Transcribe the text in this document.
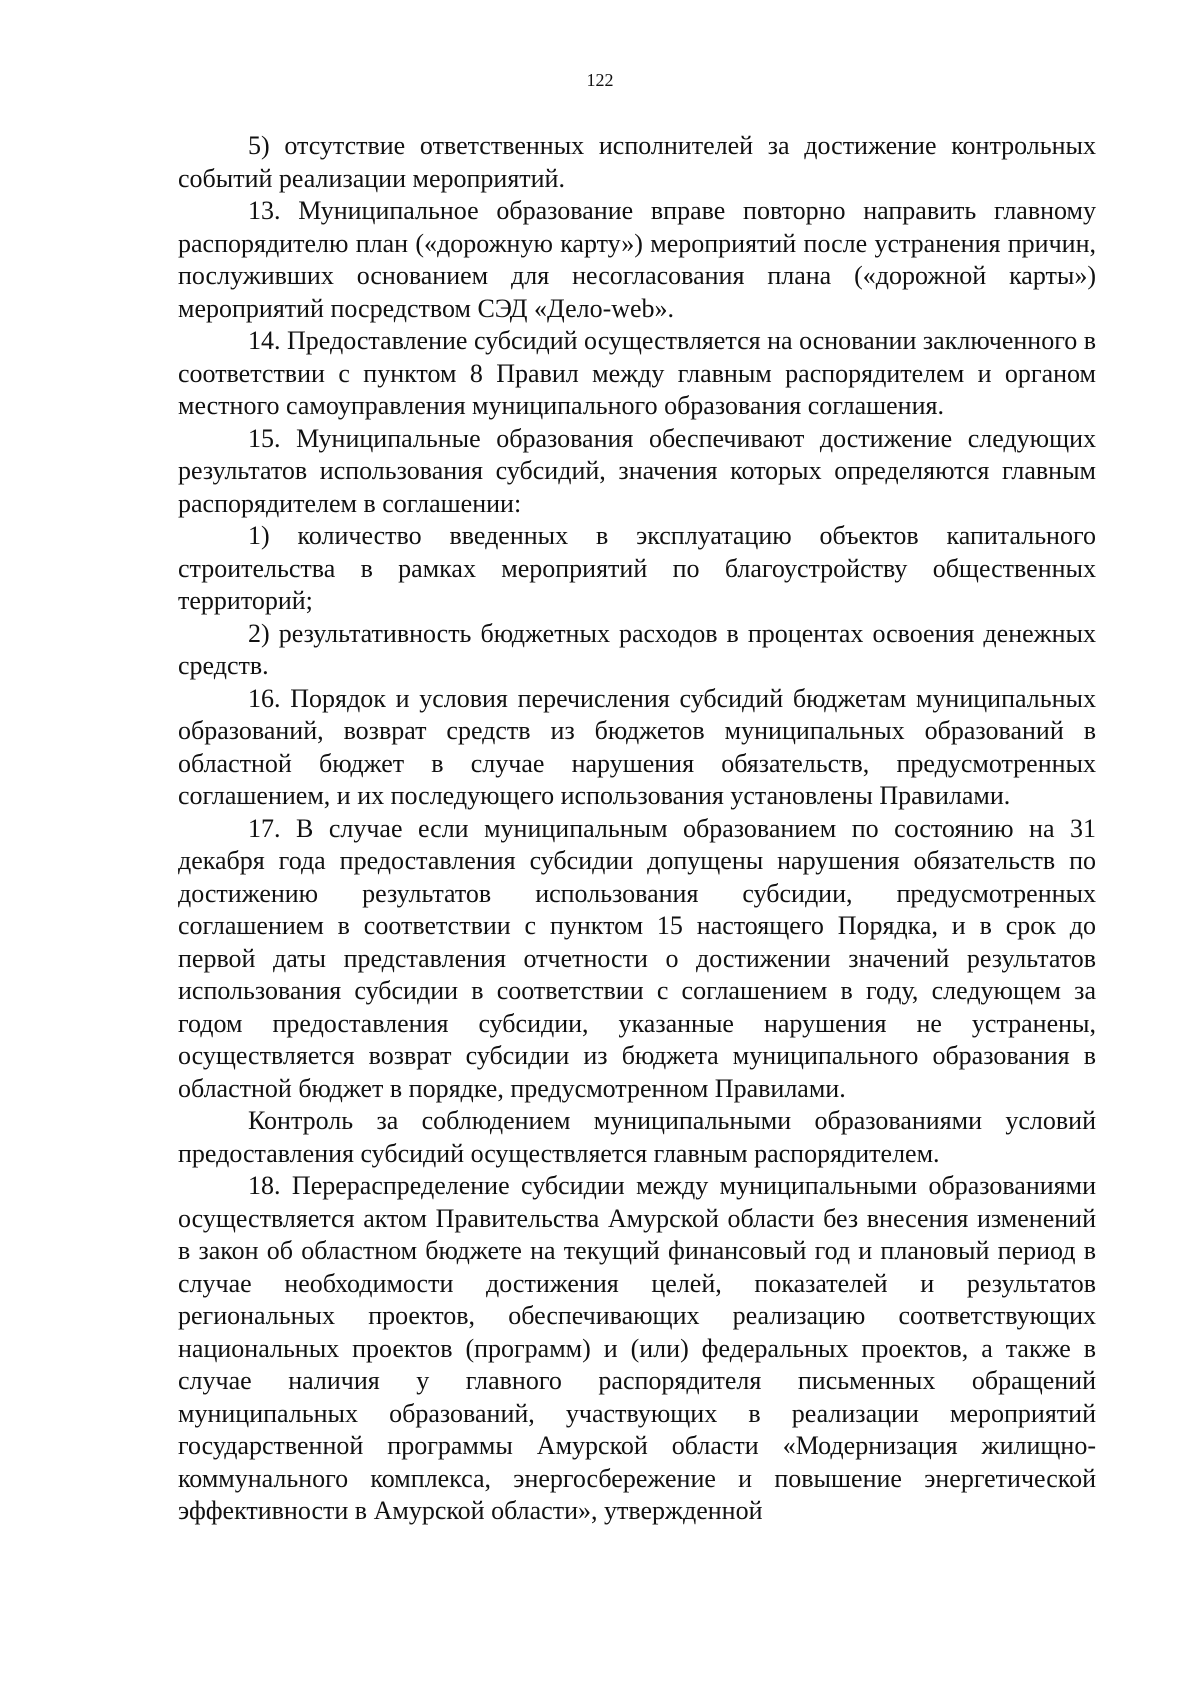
122

5) отсутствие ответственных исполнителей за достижение контрольных событий реализации мероприятий.

13. Муниципальное образование вправе повторно направить главному распорядителю план («дорожную карту») мероприятий после устранения причин, послуживших основанием для несогласования плана («дорожной карты») мероприятий посредством СЭД «Дело-web».

14. Предоставление субсидий осуществляется на основании заключенного в соответствии с пунктом 8 Правил между главным распорядителем и органом местного самоуправления муниципального образования соглашения.

15. Муниципальные образования обеспечивают достижение следующих результатов использования субсидий, значения которых определяются главным распорядителем в соглашении:

1) количество введенных в эксплуатацию объектов капитального строительства в рамках мероприятий по благоустройству общественных территорий;

2) результативность бюджетных расходов в процентах освоения денежных средств.

16. Порядок и условия перечисления субсидий бюджетам муниципальных образований, возврат средств из бюджетов муниципальных образований в областной бюджет в случае нарушения обязательств, предусмотренных соглашением, и их последующего использования установлены Правилами.

17. В случае если муниципальным образованием по состоянию на 31 декабря года предоставления субсидии допущены нарушения обязательств по достижению результатов использования субсидии, предусмотренных соглашением в соответствии с пунктом 15 настоящего Порядка, и в срок до первой даты представления отчетности о достижении значений результатов использования субсидии в соответствии с соглашением в году, следующем за годом предоставления субсидии, указанные нарушения не устранены, осуществляется возврат субсидии из бюджета муниципального образования в областной бюджет в порядке, предусмотренном Правилами.

Контроль за соблюдением муниципальными образованиями условий предоставления субсидий осуществляется главным распорядителем.

18. Перераспределение субсидии между муниципальными образованиями осуществляется актом Правительства Амурской области без внесения изменений в закон об областном бюджете на текущий финансовый год и плановый период в случае необходимости достижения целей, показателей и результатов региональных проектов, обеспечивающих реализацию соответствующих национальных проектов (программ) и (или) федеральных проектов, а также в случае наличия у главного распорядителя письменных обращений муниципальных образований, участвующих в реализации мероприятий государственной программы Амурской области «Модернизация жилищно-коммунального комплекса, энергосбережение и повышение энергетической эффективности в Амурской области», утвержденной
